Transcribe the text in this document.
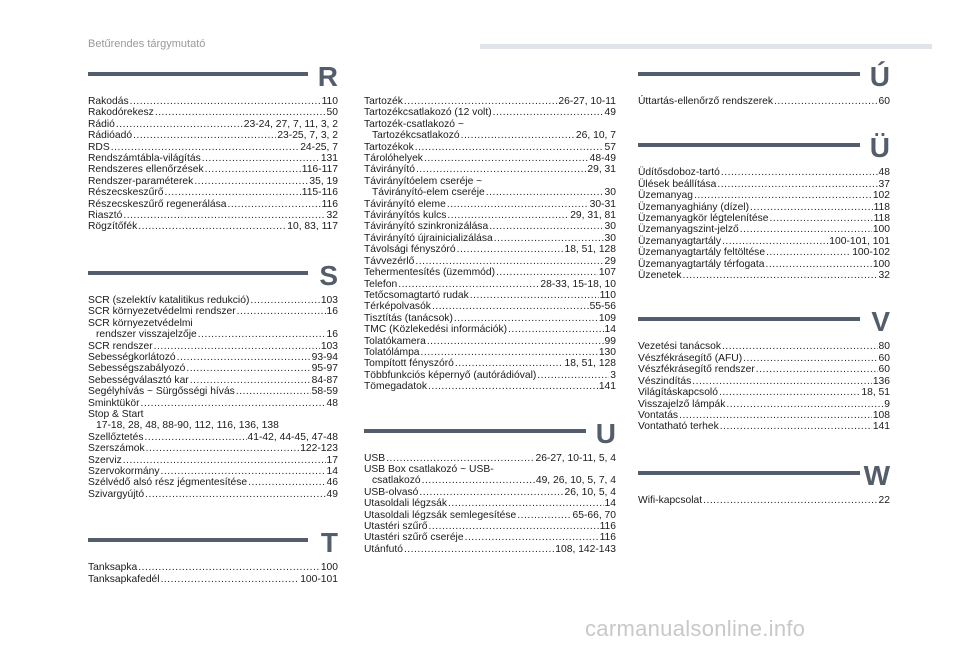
Betűrendes tárgymutató
R
Rakodás .....	110
Rakodórekesz .....	50
Rádió .....	23-24, 27, 7, 11, 3, 2
Rádióadó .....	23-25, 7, 3, 2
RDS .....	24-25, 7
Rendszámtábla-világítás .....	131
Rendszeres ellenőrzések .....	116-117
Rendszer-paraméterek .....	35, 19
Részecskeszűrő .....	115-116
Részecskeszűrő regenerálása .....	116
Riasztó .....	32
Rögzítőfék .....	10, 83, 117
S
SCR (szelektív katalitikus redukció) .....	103
SCR környezetvédelmi rendszer .....	16
SCR környezetvédelmi
rendszer visszajelzője .....	16
SCR rendszer .....	103
Sebességkorlátozó .....	93-94
Sebességszabályozó .....	95-97
Sebességválasztó kar .....	84-87
Segélyhívás ~ Sürgősségi hívás .....	58-59
Sminktükör .....	48
Stop & Start
17-18, 28, 48, 88-90, 112, 116, 136, 138
Szellőztetés .....	41-42, 44-45, 47-48
Szerszámok .....	122-123
Szerviz .....	17
Szervokormány .....	14
Szélvédő alsó rész jégmentesítése .....	46
Szivargyújtó .....	49
T
Tanksapka .....	100
Tanksapkafedél .....	100-101
Tartozék .....	26-27, 10-11
Tartozékcsatlakozó (12 volt) .....	49
Tartozék-csatlakozó ~
Tartozékcsatlakozó .....	26, 10, 7
Tartozékok .....	57
Tárolóhelyek .....	48-49
Távirányító .....	29, 31
Távirányítóelem cseréje ~
Távirányító-elem cseréje .....	30
Távirányító eleme .....	30-31
Távirányítós kulcs .....	29, 31, 81
Távirányító szinkronizálása .....	30
Távirányító újrainicializálása .....	30
Távolsági fényszóró .....	18, 51, 128
Távvezérlő .....	29
Tehermentesítés (üzemmód) .....	107
Telefon .....	28-33, 15-18, 10
Tetőcsomagtartó rudak .....	110
Térképolvasók .....	55-56
Tisztítás (tanácsok) .....	109
TMC (Közlekedési információk) .....	14
Tolatókamera .....	99
Tolatólámpa .....	130
Tompított fényszóró .....	18, 51, 128
Többfunkciós képernyő (autórádióval) .....	3
Tömegadatok .....	141
U
USB .....	26-27, 10-11, 5, 4
USB Box csatlakozó ~ USB-
csatlakozó .....	49, 26, 10, 5, 7, 4
USB-olvasó .....	26, 10, 5, 4
Utasoldali légzsák .....	14
Utasoldali légzsák semlegesítése .....	65-66, 70
Utastéri szűrő .....	116
Utastéri szűrő cseréje .....	116
Utánfutó .....	108, 142-143
Ú
Úttartás-ellenőrző rendszerek .....	60
Ü
Üdítősdoboz-tartó .....	48
Ülések beállítása .....	37
Üzemanyag .....	102
Üzemanyaghiány (dízel) .....	118
Üzemanyagkör légtelenítése .....	118
Üzemanyagszint-jelző .....	100
Üzemanyagtartály .....	100-101, 101
Üzemanyagtartály feltöltése .....	100-102
Üzemanyagtartály térfogata .....	100
Üzenetek .....	32
V
Vezetési tanácsok .....	80
Vészfékrásegítő (AFU) .....	60
Vészfékrásegítő rendszer .....	60
Vészindítás .....	136
Világításkapcsoló .....	18, 51
Visszajelző lámpák .....	9
Vontatás .....	108
Vontatható terhek .....	141
W
Wifi-kapcsolat .....	22
carmanualsonline.info
